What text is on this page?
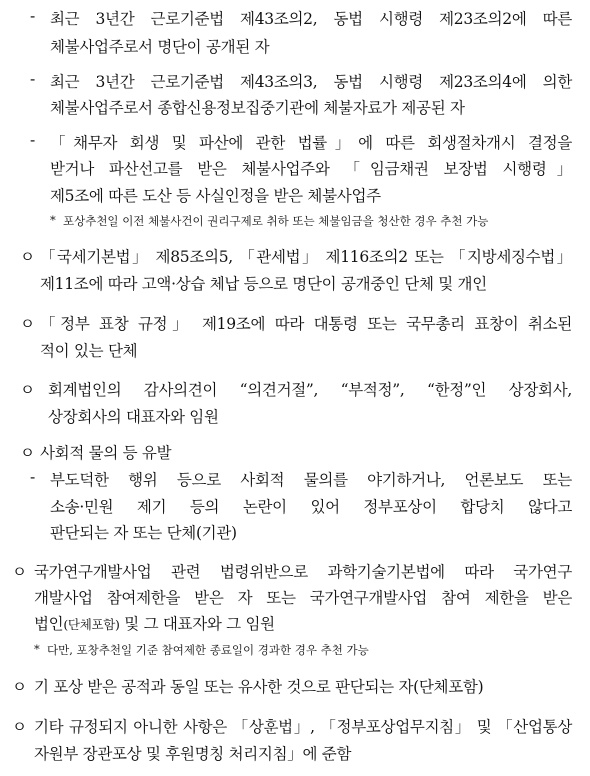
- 최근 3년간 근로기준법 제43조의2, 동법 시행령 제23조의2에 따른
체불사업주로서 명단이 공개된 자
- 최근 3년간 근로기준법 제43조의3, 동법 시행령 제23조의4에 의한
체불사업주로서 종합신용정보집중기관에 체불자료가 제공된 자
- 「채무자 회생 및 파산에 관한 법률」에 따른 회생절차개시 결정을
받거나 파산선고를 받은 체불사업주와 「임금채권 보장법 시행령」
제5조에 따른 도산 등 사실인정을 받은 체불사업주
* 포상추천일 이전 체불사건이 권리구제로 취하 또는 체불임금을 청산한 경우 추천 가능
ㅇ 「국세기본법」 제85조의5, 「관세법」 제116조의2 또는 「지방세징수법」
제11조에 따라 고액·상습 체납 등으로 명단이 공개중인 단체 및 개인
ㅇ 「정부 표창 규정」 제19조에 따라 대통령 또는 국무총리 표창이 취소된
적이 있는 단체
ㅇ 회계법인의 감사의견이 “의견거절”, “부적정”, “한정”인 상장회사,
상장회사의 대표자와 임원
ㅇ 사회적 물의 등 유발
- 부도덕한 행위 등으로 사회적 물의를 야기하거나, 언론보도 또는
소송·민원 제기 등의 논란이 있어 정부포상이 합당치 않다고
판단되는 자 또는 단체(기관)
ㅇ 국가연구개발사업 관련 법령위반으로 과학기술기본법에 따라 국가연구
개발사업 참여제한을 받은 자 또는 국가연구개발사업 참여 제한을 받은
법인(단체포함) 및 그 대표자와 그 임원
* 다만, 포창추천일 기준 참여제한 종료일이 경과한 경우 추천 가능
ㅇ 기 포상 받은 공적과 동일 또는 유사한 것으로 판단되는 자(단체포함)
ㅇ 기타 규정되지 아니한 사항은 「상훈법」, 「정부포상업무지침」 및 「산업통상
자원부 장관포상 및 후원명칭 처리지침」에 준함
